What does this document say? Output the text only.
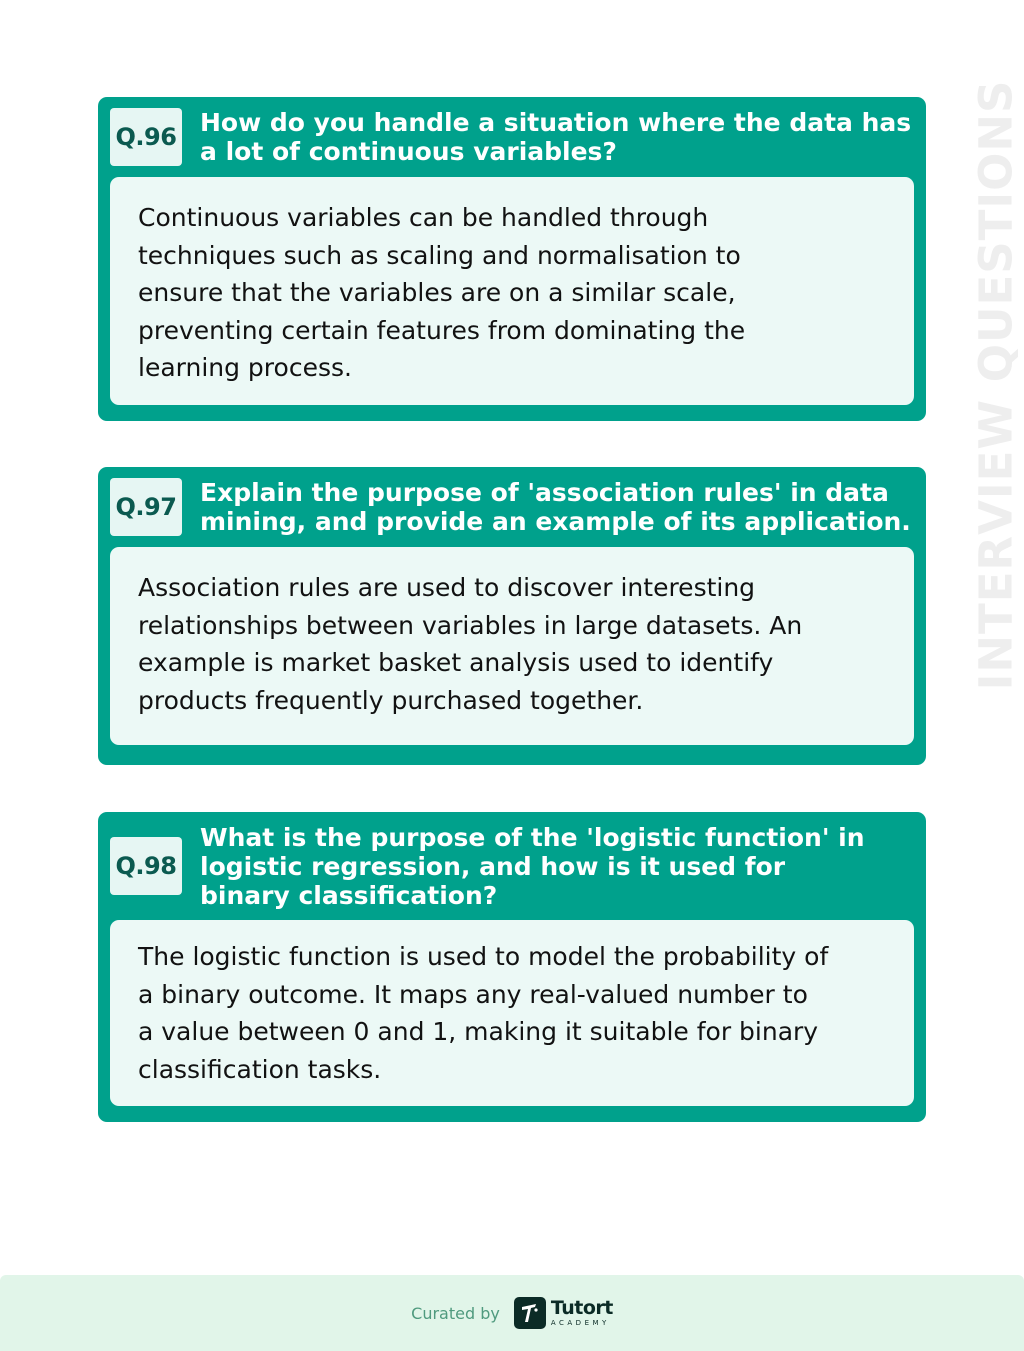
INTERVIEW QUESTIONS
Q.96 How do you handle a situation where the data has
a lot of continuous variables?
Continuous variables can be handled through
techniques such as scaling and normalisation to
ensure that the variables are on a similar scale,
preventing certain features from dominating the
learning process.
Q.97 Explain the purpose of 'association rules' in data
mining, and provide an example of its application.
Association rules are used to discover interesting
relationships between variables in large datasets. An
example is market basket analysis used to identify
products frequently purchased together.
Q.98
What is the purpose of the 'logistic function' in
logistic regression, and how is it used for
binary classification?
The logistic function is used to model the probability of
a binary outcome. It maps any real-valued number to
a value between 0 and 1, making it suitable for binary
classification tasks.
Curated by	Tutort
ACADEMY
